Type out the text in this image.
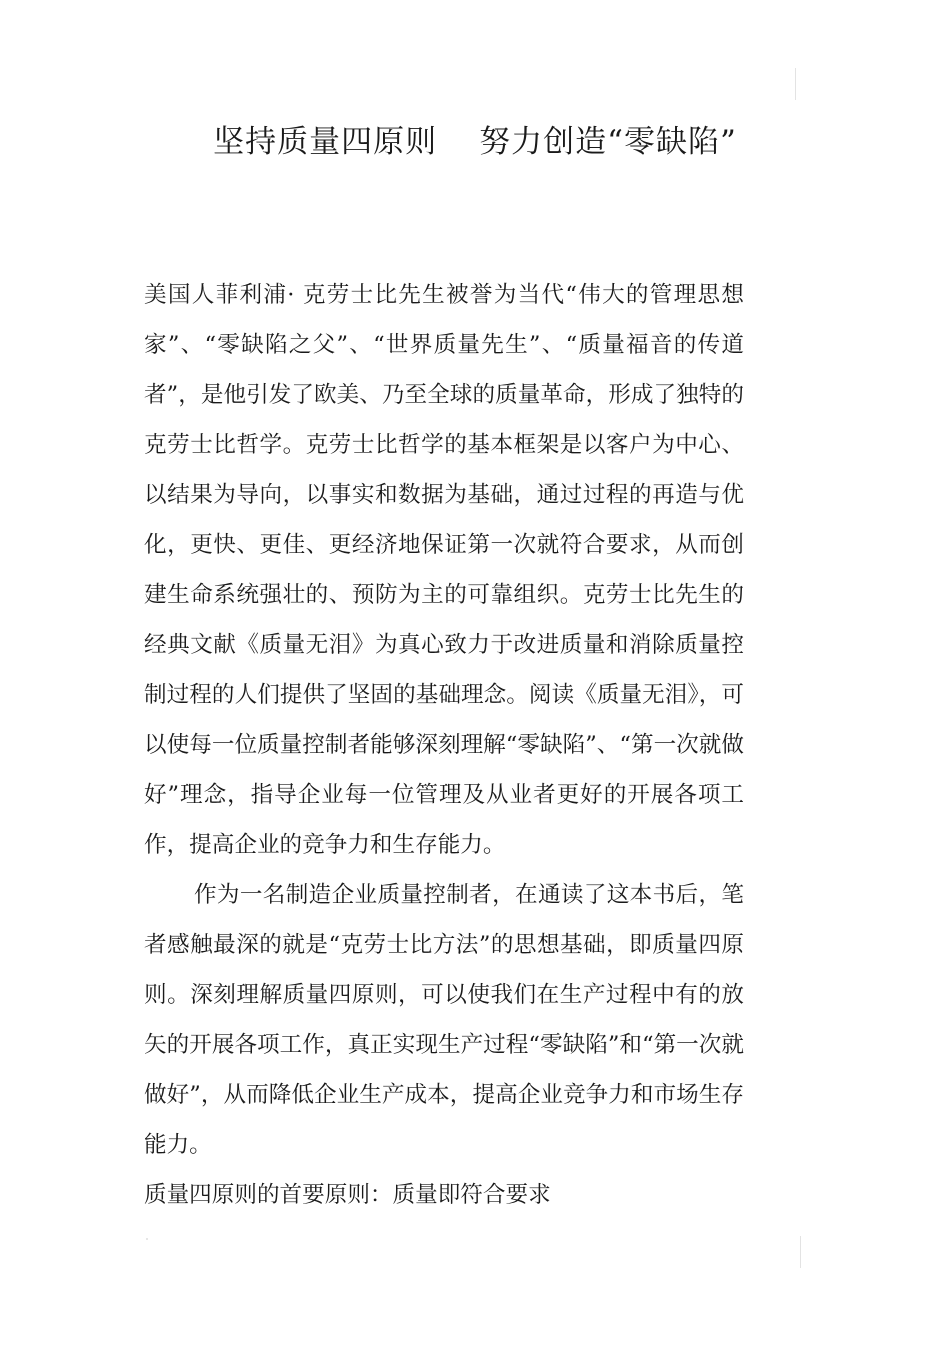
坚持质量四原则 努力创造“零缺陷”

美国人菲利浦· 克劳士比先生被誉为当代“伟大的管理思想家”、“零缺陷之父”、“世界质量先生”、“质量福音的传道者”，是他引发了欧美、乃至全球的质量革命，形成了独特的克劳士比哲学。克劳士比哲学的基本框架是以客户为中心、以结果为导向，以事实和数据为基础，通过过程的再造与优化，更快、更佳、更经济地保证第一次就符合要求，从而创建生命系统强壮的、预防为主的可靠组织。克劳士比先生的经典文献《质量无泪》为真心致力于改进质量和消除质量控制过程的人们提供了坚固的基础理念。阅读《质量无泪》，可以使每一位质量控制者能够深刻理解“零缺陷”、“第一次就做好”理念，指导企业每一位管理及从业者更好的开展各项工作，提高企业的竞争力和生存能力。

作为一名制造企业质量控制者，在通读了这本书后，笔者感触最深的就是“克劳士比方法”的思想基础，即质量四原则。深刻理解质量四原则，可以使我们在生产过程中有的放矢的开展各项工作，真正实现生产过程“零缺陷”和“第一次就做好”，从而降低企业生产成本，提高企业竞争力和市场生存能力。

质量四原则的首要原则：质量即符合要求
